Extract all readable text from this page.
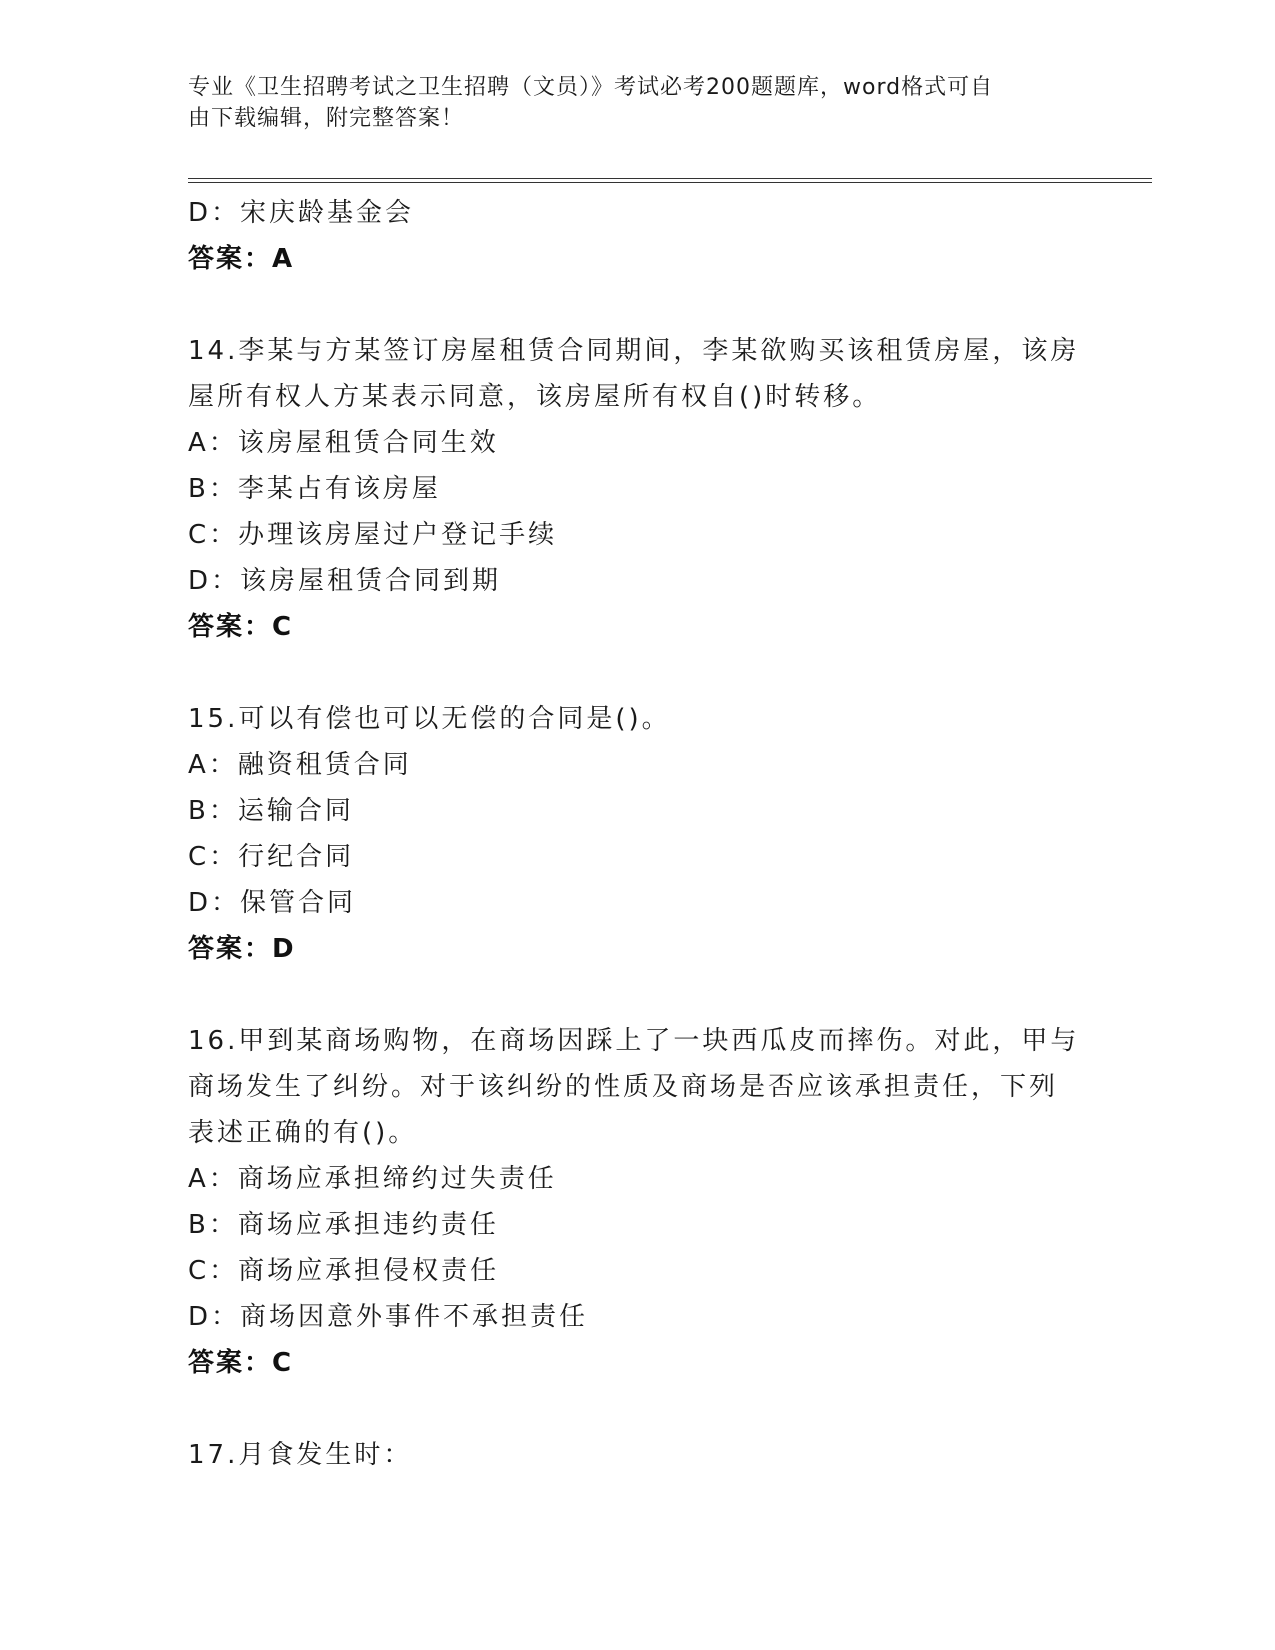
专业《卫生招聘考试之卫生招聘（文员）》考试必考200题题库，word格式可自
由下载编辑，附完整答案！
D：宋庆龄基金会
答案：A
14.李某与方某签订房屋租赁合同期间，李某欲购买该租赁房屋，该房
屋所有权人方某表示同意，该房屋所有权自()时转移。
A：该房屋租赁合同生效
B：李某占有该房屋
C：办理该房屋过户登记手续
D：该房屋租赁合同到期
答案：C
15.可以有偿也可以无偿的合同是()。
A：融资租赁合同
B：运输合同
C：行纪合同
D：保管合同
答案：D
16.甲到某商场购物，在商场因踩上了一块西瓜皮而摔伤。对此，甲与
商场发生了纠纷。对于该纠纷的性质及商场是否应该承担责任，下列
表述正确的有()。
A：商场应承担缔约过失责任
B：商场应承担违约责任
C：商场应承担侵权责任
D：商场因意外事件不承担责任
答案：C
17.月食发生时：
